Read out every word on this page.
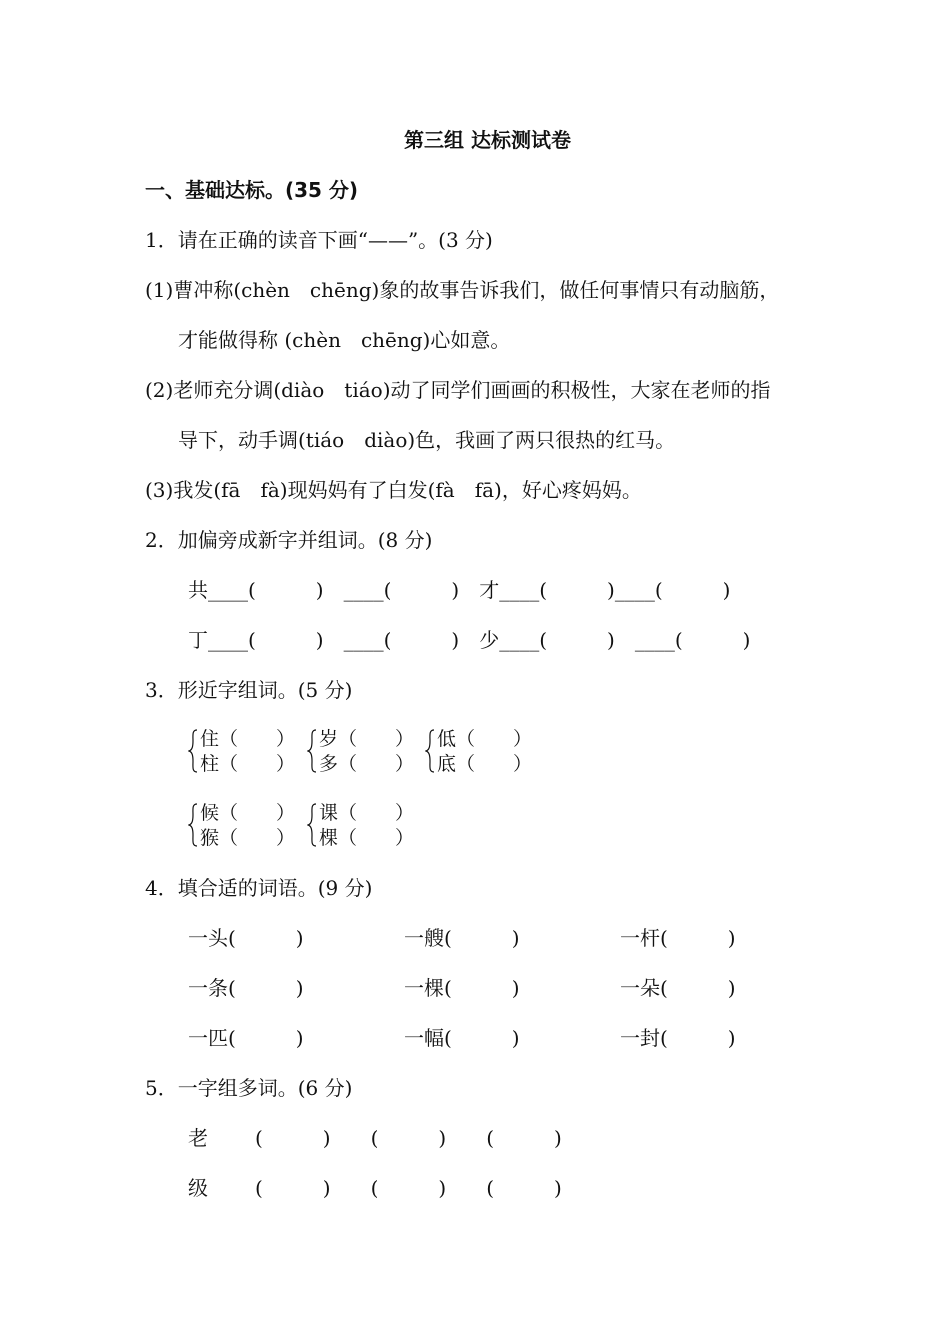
第三组 达标测试卷
一、基础达标。(35 分)
1．请在正确的读音下画“——”。(3 分)
(1)曹冲称(chèn　chēng)象的故事告诉我们，做任何事情只有动脑筋，
才能做得称 (chèn　chēng)心如意。
(2)老师充分调(diào　tiáo)动了同学们画画的积极性，大家在老师的指
导下，动手调(tiáo　diào)色，我画了两只很热的红马。
(3)我发(fā　fà)现妈妈有了白发(fà　fā)，好心疼妈妈。
2．加偏旁成新字并组词。(8 分)
共____(　　　)　____(　　　)　才____(　　　)____(　　　)
丁____(　　　)　____(　　　)　少____(　　　)　____(　　　)
3．形近字组词。(5 分)
住（　　）
柱（　　）
岁（　　）
多（　　）
低（　　）
底（　　）
候（　　）
猴（　　）
课（　　）
棵（　　）
4．填合适的词语。(9 分)
一头(　　　)	一艘(　　　)	一杆(　　　)
一条(　　　)	一棵(　　　)	一朵(　　　)
一匹(　　　)	一幅(　　　)	一封(　　　)
5．一字组多词。(6 分)
老 (　　　)　　(　　　)　　(　　　)
级 (　　　)　　(　　　)　　(　　　)
